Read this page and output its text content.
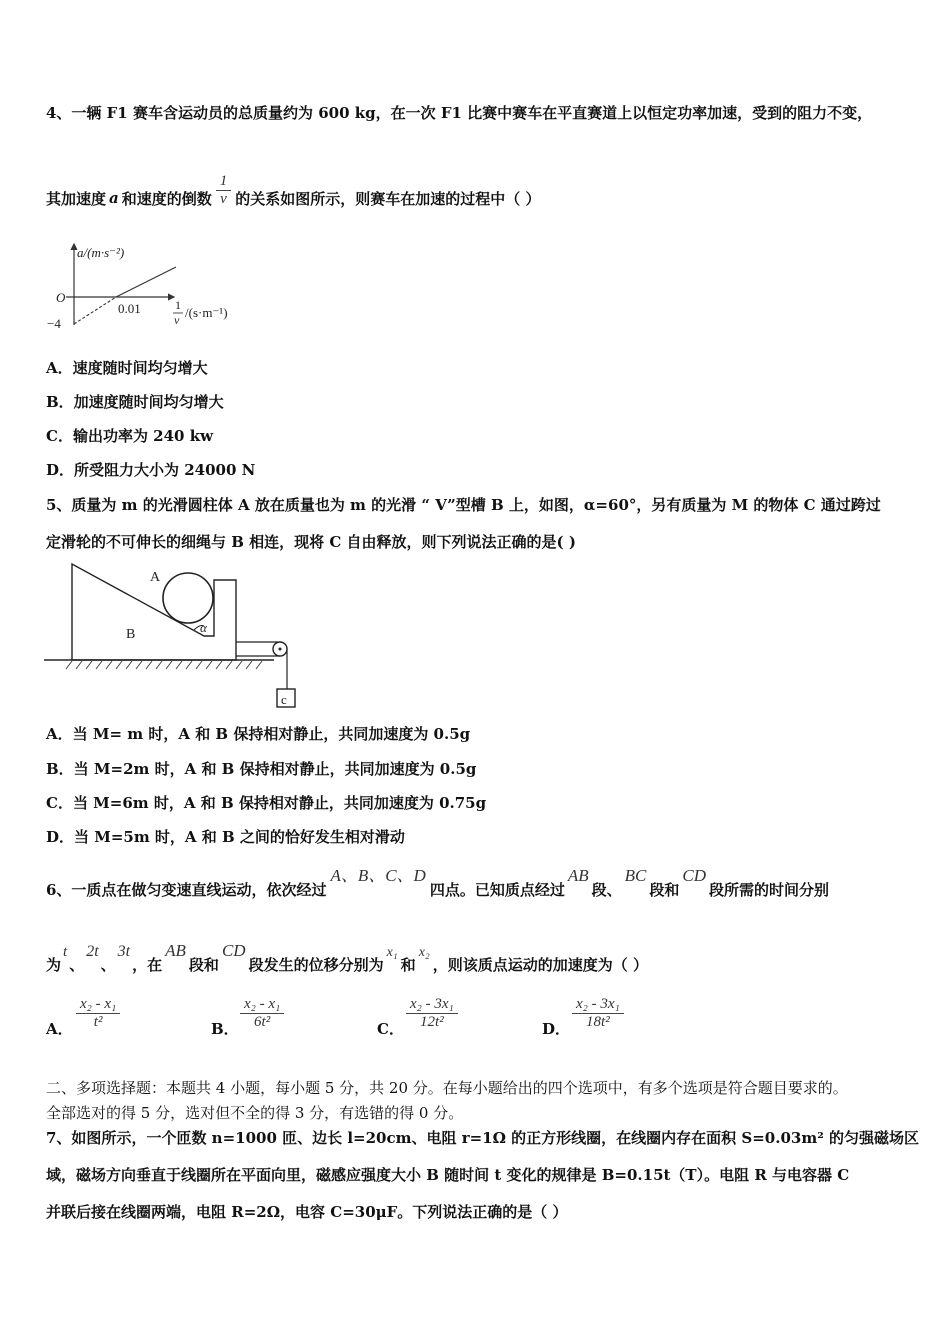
4、一辆 F1 赛车含运动员的总质量约为 600 kg，在一次 F1 比赛中赛车在平直赛道上以恒定功率加速，受到的阻力不变，
其加速度 a 和速度的倒数 $\frac{1}{v}$ 的关系如图所示，则赛车在加速的过程中（ ）
a/(m·s⁻²)
O
−4
0.01	1
v /(s·m⁻¹)
A．速度随时间均匀增大
B．加速度随时间均匀增大
C．输出功率为 240 kw
D．所受阻力大小为 24000 N
5、质量为 m 的光滑圆柱体 A 放在质量也为 m 的光滑 “ V”型槽 B 上，如图，α=60°，另有质量为 M 的物体 C 通过跨过
定滑轮的不可伸长的细绳与 B 相连，现将 C 自由释放，则下列说法正确的是( )
A
B	α
c
A．当 M= m 时，A 和 B 保持相对静止，共同加速度为 0.5g
B．当 M=2m 时，A 和 B 保持相对静止，共同加速度为 0.5g
C．当 M=6m 时，A 和 B 保持相对静止，共同加速度为 0.75g
D．当 M=5m 时，A 和 B 之间的恰好发生相对滑动
6、一质点在做匀变速直线运动，依次经过
A、B、C、D
四点。已知质点经过
AB
段、
BC
段和
CD
段所需的时间分别
为
t
、
2t
、
3t
，在
AB
段和
CD
段发生的位移分别为
x₁
和
x₂
，则该质点运动的加速度为（ ）
A． $\frac{\text{x₂ - x₁}}{\text{t²}}$	B． $\frac{\text{x₂ - x₁}}{\text{6t²}}$	C． $\frac{\text{x₂ - 3x₁}}{\text{12t²}}$	D． $\frac{\text{x₂ - 3x₁}}{\text{18t²}}$
二、多项选择题：本题共 4 小题，每小题 5 分，共 20 分。在每小题给出的四个选项中，有多个选项是符合题目要求的。
全部选对的得 5 分，选对但不全的得 3 分，有选错的得 0 分。
7、如图所示，一个匝数 n=1000 匝、边长 l=20cm、电阻 r=1Ω 的正方形线圈，在线圈内存在面积 S=0.03m² 的匀强磁场区
域，磁场方向垂直于线圈所在平面向里，磁感应强度大小 B 随时间 t 变化的规律是 B=0.15t（T）。电阻 R 与电容器 C
并联后接在线圈两端，电阻 R=2Ω，电容 C=30μF。下列说法正确的是（ ）
